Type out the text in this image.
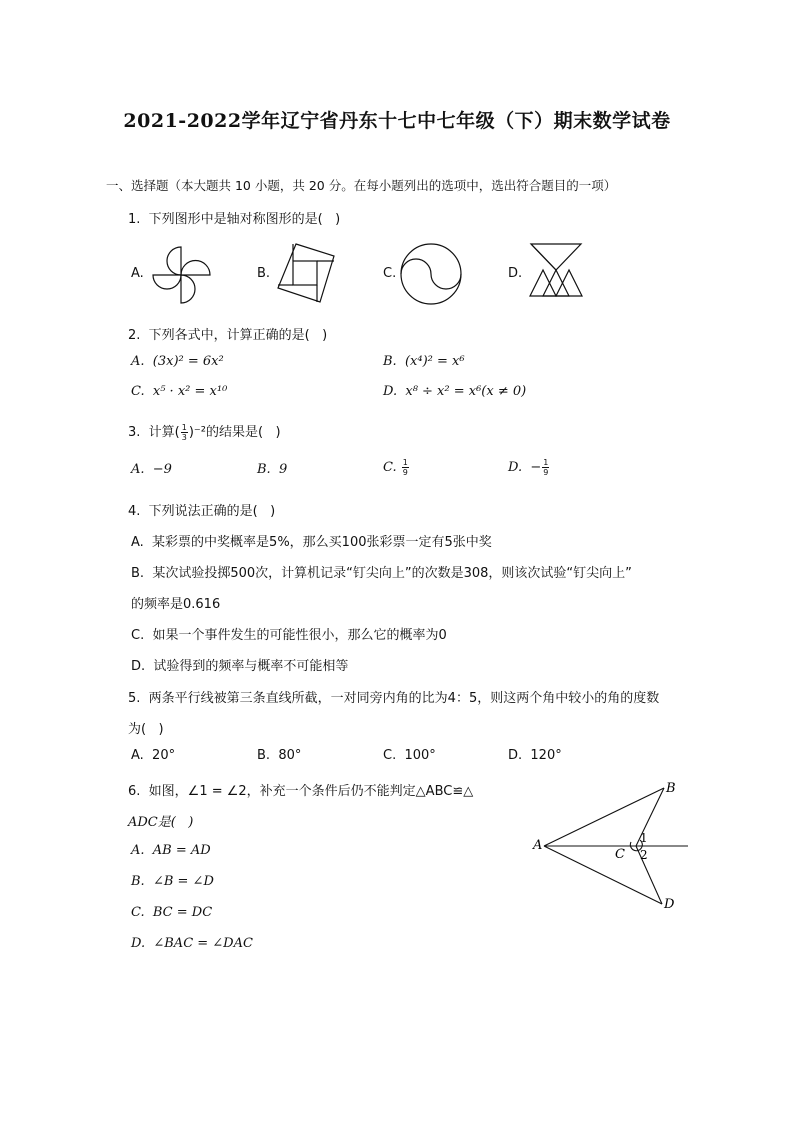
2021-2022学年辽宁省丹东十七中七年级（下）期末数学试卷
一、选择题（本大题共 10 小题，共 20 分。在每小题列出的选项中，选出符合题目的一项）
1.  下列图形中是轴对称图形的是(   )
A.	B.	C.	D.
2.  下列各式中，计算正确的是(   )
A.  (3x)² = 6x²	B.  (x⁴)² = x⁶
C.  x⁵ · x² = x¹⁰	D.  x⁸ ÷ x² = x⁶(x ≠ 0)
3.  计算( $\frac{1}{3} )^{-2}$的结果是(   )
A.  −9	B.  9	C. $\frac{1}{9}$	D.  − $\frac{1}{9}$
4.  下列说法正确的是(   )
A.  某彩票的中奖概率是5%，那么买100张彩票一定有5张中奖
B.  某次试验投掷500次，计算机记录“钉尖向上”的次数是308，则该次试验“钉尖向上”
的频率是0.616
C.  如果一个事件发生的可能性很小，那么它的概率为0
D.  试验得到的频率与概率不可能相等
5.  两条平行线被第三条直线所截，一对同旁内角的比为4：5，则这两个角中较小的角的度数
为(   )
A.  20°	B.  80°	C.  100°	D.  120°
6.  如图，∠1 = ∠2，补充一个条件后仍不能判定△ABC≌△
ADC是(   )
A.  AB = AD
B.  ∠B = ∠D
C.  BC = DC
D.  ∠BAC = ∠DAC
A
B
C
D
1
2
